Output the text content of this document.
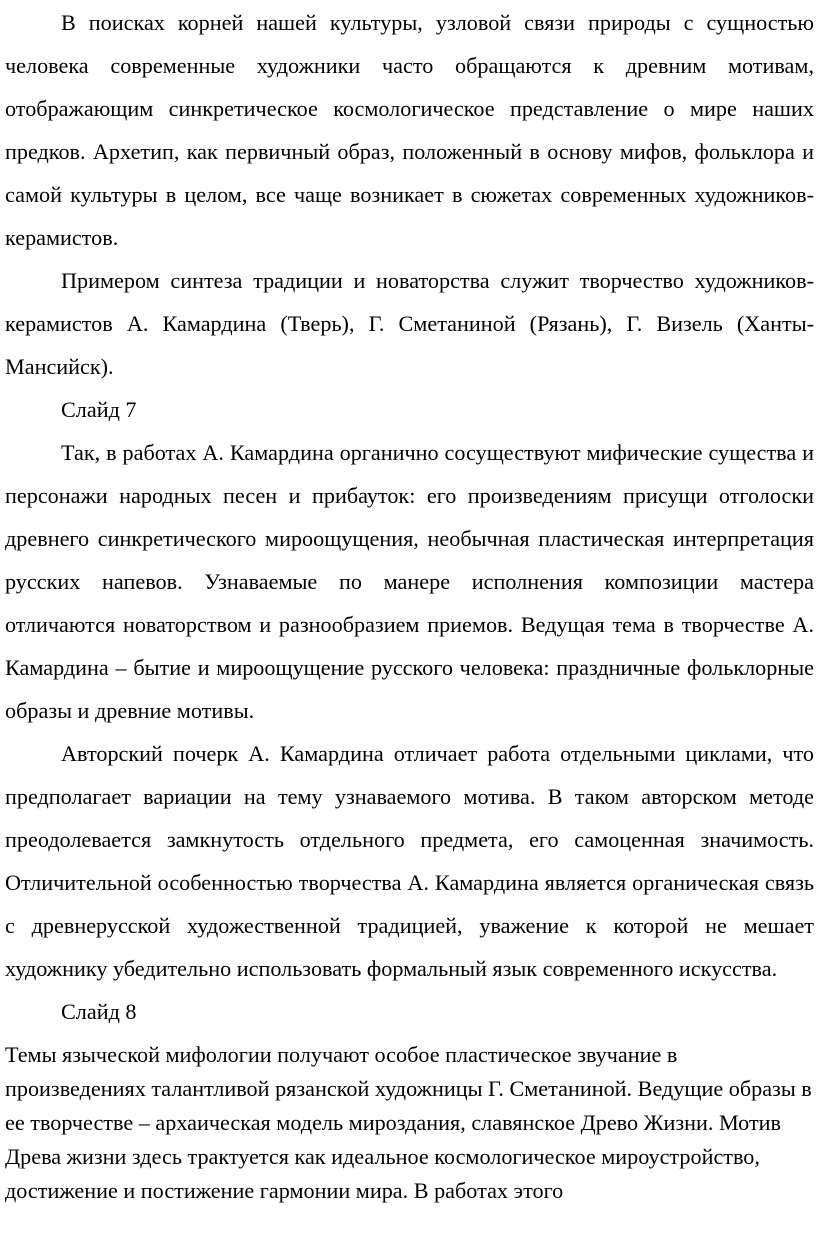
В поисках корней нашей культуры, узловой связи природы с сущностью человека современные художники часто обращаются к древним мотивам, отображающим синкретическое космологическое представление о мире наших предков. Архетип, как первичный образ, положенный в основу мифов, фольклора и самой культуры в целом, все чаще возникает в сюжетах современных художников-керамистов.

Примером синтеза традиции и новаторства служит творчество художников-керамистов А. Камардина (Тверь), Г. Сметаниной (Рязань), Г. Визель (Ханты-Мансийск).

Слайд 7

Так, в работах А. Камардина органично сосуществуют мифические существа и персонажи народных песен и прибауток: его произведениям присущи отголоски древнего синкретического мироощущения, необычная пластическая интерпретация русских напевов. Узнаваемые по манере исполнения композиции мастера отличаются новаторством и разнообразием приемов. Ведущая тема в творчестве А. Камардина – бытие и мироощущение русского человека: праздничные фольклорные образы и древние мотивы.

Авторский почерк А. Камардина отличает работа отдельными циклами, что предполагает вариации на тему узнаваемого мотива. В таком авторском методе преодолевается замкнутость отдельного предмета, его самоценная значимость. Отличительной особенностью творчества А. Камардина является органическая связь с древнерусской художественной традицией, уважение к которой не мешает художнику убедительно использовать формальный язык современного искусства.

Слайд 8

Темы языческой мифологии получают особое пластическое звучание в произведениях талантливой рязанской художницы Г. Сметаниной. Ведущие образы в ее творчестве – архаическая модель мироздания, славянское Древо Жизни. Мотив Древа жизни здесь трактуется как идеальное космологическое мироустройство, достижение и постижение гармонии мира. В работах этого
